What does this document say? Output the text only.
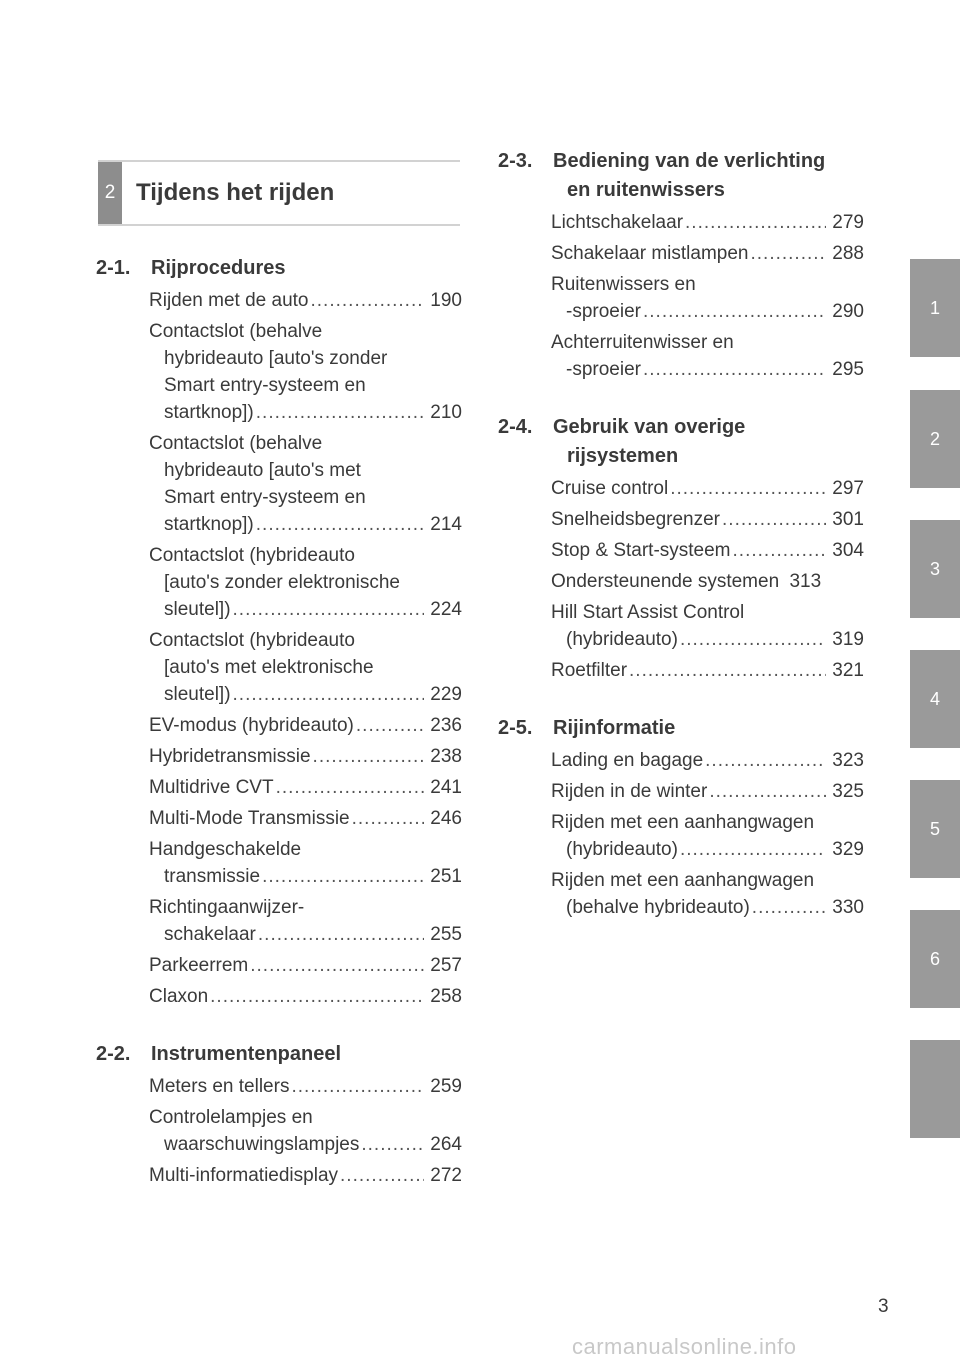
2 Tijdens het rijden
2-1.	Rijprocedures
Rijden met de auto .....	190
Contactslot (behalve
hybrideauto [auto's zonder
Smart entry-systeem en
startknop]) .....	210
Contactslot (behalve
hybrideauto [auto's met
Smart entry-systeem en
startknop]) .....	214
Contactslot (hybrideauto
[auto's zonder elektronische
sleutel]) .....	224
Contactslot (hybrideauto
[auto's met elektronische
sleutel]) .....	229
EV-modus (hybrideauto) .....	236
Hybridetransmissie .....	238
Multidrive CVT .....	241
Multi-Mode Transmissie .....	246
Handgeschakelde
transmissie .....	251
Richtingaanwijzer-
schakelaar .....	255
Parkeerrem .....	257
Claxon .....	258
2-2.	Instrumentenpaneel
Meters en tellers .....	259
Controlelampjes en
waarschuwingslampjes .....	264
Multi-informatiedisplay .....	272
2-3.	Bediening van de verlichting
en ruitenwissers
Lichtschakelaar .....	279
Schakelaar mistlampen .....	288
Ruitenwissers en
-sproeier .....	290
Achterruitenwisser en
-sproeier .....	295
2-4.	Gebruik van overige
rijsystemen
Cruise control .....	297
Snelheidsbegrenzer .....	301
Stop & Start-systeem .....	304
Ondersteunende systemen 313
Hill Start Assist Control
(hybrideauto) .....	319
Roetfilter .....	321
2-5.	Rijinformatie
Lading en bagage .....	323
Rijden in de winter .....	325
Rijden met een aanhangwagen
(hybrideauto) .....	329
Rijden met een aanhangwagen
(behalve hybrideauto) .....	330
1
2
3
4
5
6
3
carmanualsonline.info
